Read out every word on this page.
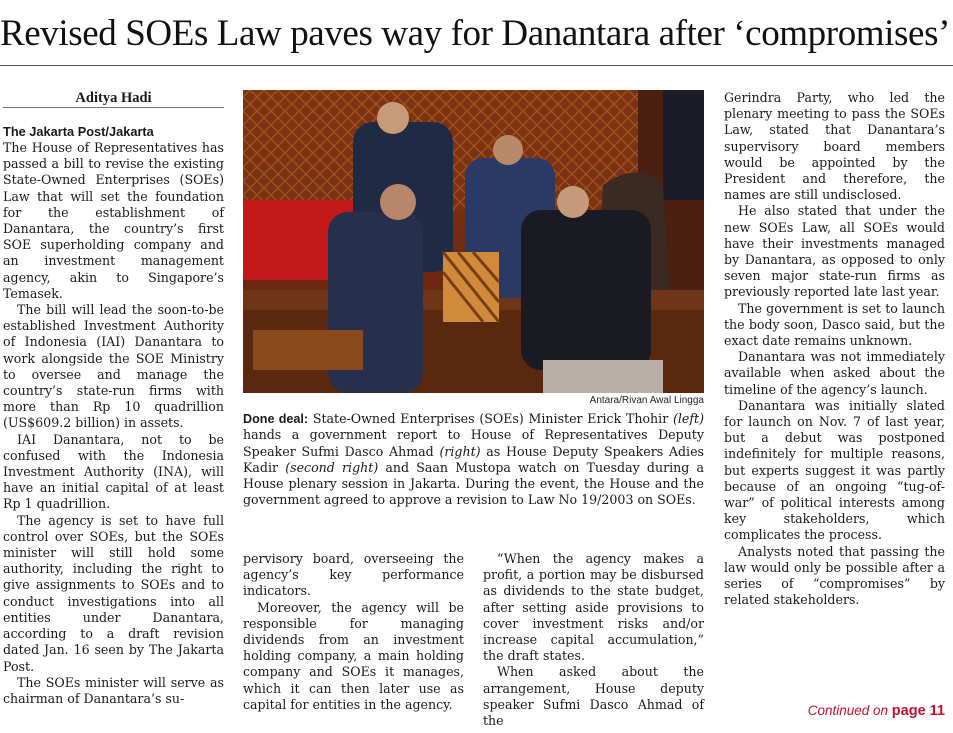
Revised SOEs Law paves way for Danantara after ‘compromises’
Aditya Hadi
The Jakarta Post/Jakarta

The House of Representatives has passed a bill to revise the existing State-Owned Enterprises (SOEs) Law that will set the foundation for the establishment of Danantara, the country’s first SOE superholding company and an investment management agency, akin to Singapore’s Temasek.

The bill will lead the soon-to-be established Investment Authority of Indonesia (IAI) Danantara to work alongside the SOE Ministry to oversee and manage the country’s state-run firms with more than Rp 10 quadrillion (US$609.2 billion) in assets.

IAI Danantara, not to be confused with the Indonesia Investment Authority (INA), will have an initial capital of at least Rp 1 quadrillion.

The agency is set to have full control over SOEs, but the SOEs minister will still hold some authority, including the right to give assignments to SOEs and to conduct investigations into all entities under Danantara, according to a draft revision dated Jan. 16 seen by The Jakarta Post.

The SOEs minister will serve as chairman of Danantara’s su-

Antara/Rivan Awal Lingga
Done deal: State-Owned Enterprises (SOEs) Minister Erick Thohir (left) hands a government report to House of Representatives Deputy Speaker Sufmi Dasco Ahmad (right) as House Deputy Speakers Adies Kadir (second right) and Saan Mustopa watch on Tuesday during a House plenary session in Jakarta. During the event, the House and the government agreed to approve a revision to Law No 19/2003 on SOEs.

pervisory board, overseeing the agency’s key performance indicators.

Moreover, the agency will be responsible for managing dividends from an investment holding company, a main holding company and SOEs it manages, which it can then later use as capital for entities in the agency.

“When the agency makes a profit, a portion may be disbursed as dividends to the state budget, after setting aside provisions to cover investment risks and/or increase capital accumulation,” the draft states.

When asked about the arrangement, House deputy speaker Sufmi Dasco Ahmad of the

Gerindra Party, who led the plenary meeting to pass the SOEs Law, stated that Danantara’s supervisory board members would be appointed by the President and therefore, the names are still undisclosed.

He also stated that under the new SOEs Law, all SOEs would have their investments managed by Danantara, as opposed to only seven major state-run firms as previously reported late last year.

The government is set to launch the body soon, Dasco said, but the exact date remains unknown.

Danantara was not immediately available when asked about the timeline of the agency’s launch.

Danantara was initially slated for launch on Nov. 7 of last year, but a debut was postponed indefinitely for multiple reasons, but experts suggest it was partly because of an ongoing “tug-of-war” of political interests among key stakeholders, which complicates the process.

Analysts noted that passing the law would only be possible after a series of “compromises” by related stakeholders.

Continued on page 11
